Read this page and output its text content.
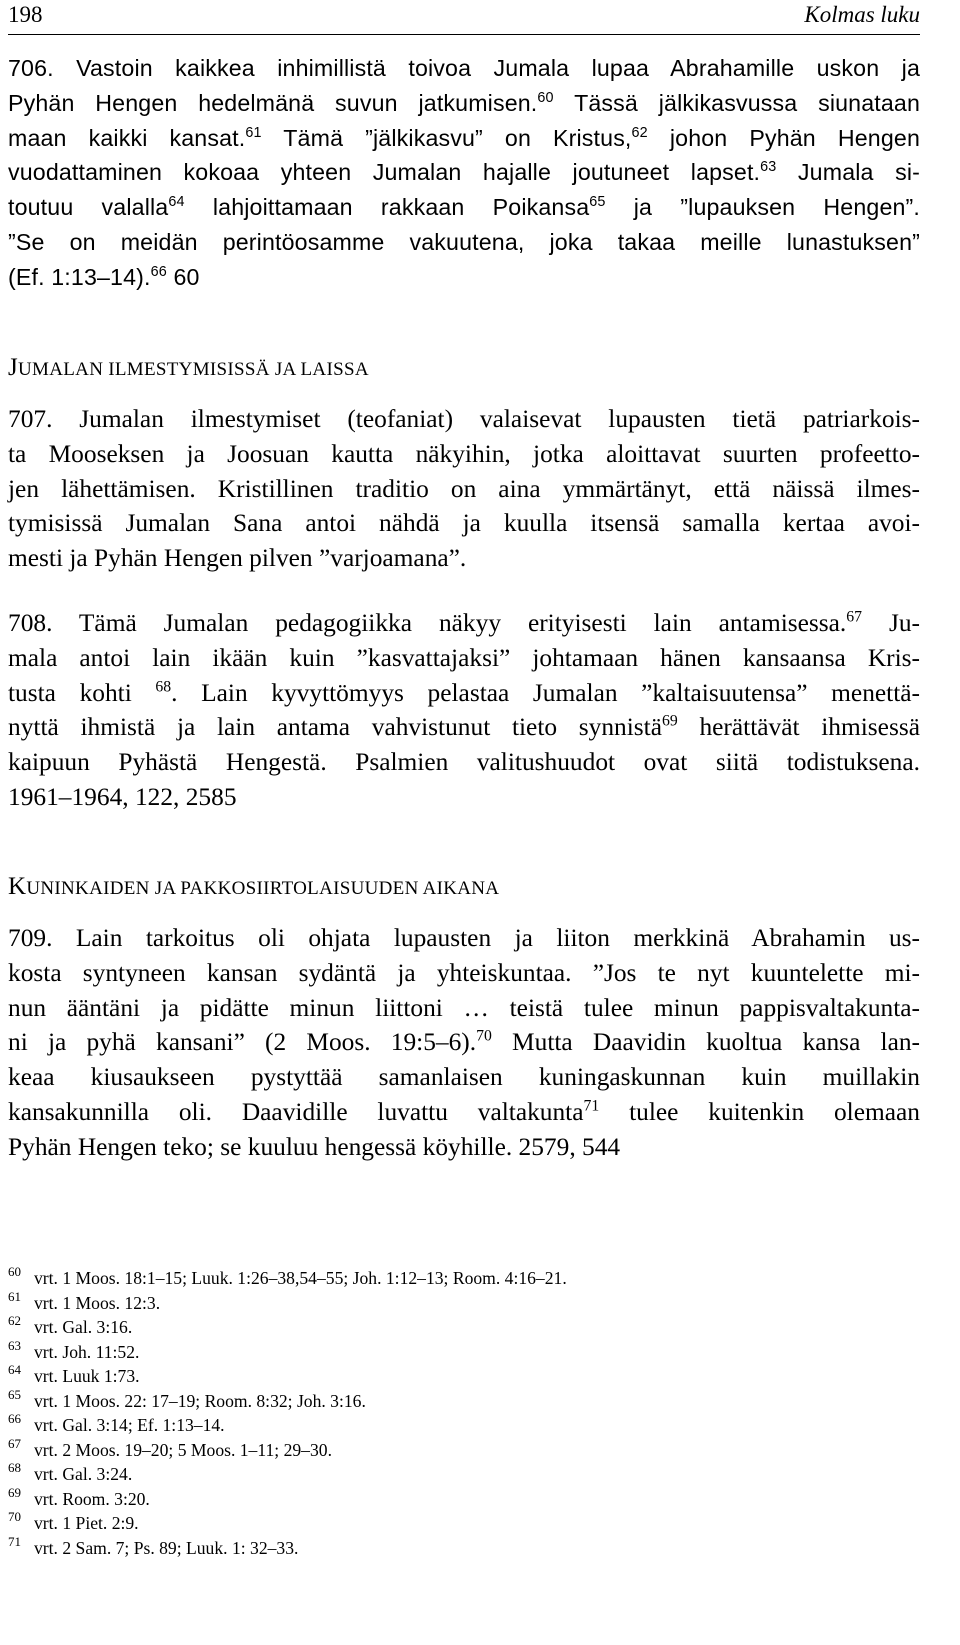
198	Kolmas luku
706. Vastoin kaikkea inhimillistä toivoa Jumala lupaa Abrahamille uskon ja
Pyhän Hengen hedelmänä suvun jatkumisen.$^{60}$ Tässä jälkikasvussa siunataan
maan kaikki kansat.$^{61}$ Tämä ”jälkikasvu” on Kristus,$^{62}$ johon Pyhän Hengen
vuodattaminen kokoaa yhteen Jumalan hajalle joutuneet lapset.$^{63}$ Jumala si-
toutuu valalla$^{64}$ lahjoittamaan rakkaan Poikansa$^{65}$ ja ”lupauksen Hengen”.
”Se on meidän perintöosamme vakuutena, joka takaa meille lunastuksen”
(Ef. 1:13–14).$^{66}$ 60
JUMALAN ILMESTYMISISSÄ JA LAISSA
707. Jumalan ilmestymiset (teofaniat) valaisevat lupausten tietä patriarkois-
ta Mooseksen ja Joosuan kautta näkyihin, jotka aloittavat suurten profeetto-
jen lähettämisen. Kristillinen traditio on aina ymmärtänyt, että näissä ilmes-
tymisissä Jumalan Sana antoi nähdä ja kuulla itsensä samalla kertaa avoi-
mesti ja Pyhän Hengen pilven ”varjoamana”.
708. Tämä Jumalan pedagogiikka näkyy erityisesti lain antamisessa.$^{67}$ Ju-
mala antoi lain ikään kuin ”kasvattajaksi” johtamaan hänen kansaansa Kris-
tusta kohti $^{68}$. Lain kyvyttömyys pelastaa Jumalan ”kaltaisuutensa” menettä-
nyttä ihmistä ja lain antama vahvistunut tieto synnistä$^{69}$ herättävät ihmisessä
kaipuun Pyhästä Hengestä. Psalmien valitushuudot ovat siitä todistuksena.
1961–1964, 122, 2585
KUNINKAIDEN JA PAKKOSIIRTOLAISUUDEN AIKANA
709. Lain tarkoitus oli ohjata lupausten ja liiton merkkinä Abrahamin us-
kosta syntyneen kansan sydäntä ja yhteiskuntaa. ”Jos te nyt kuuntelette mi-
nun ääntäni ja pidätte minun liittoni … teistä tulee minun pappisvaltakunta-
ni ja pyhä kansani” (2 Moos. 19:5–6).$^{70}$ Mutta Daavidin kuoltua kansa lan-
keaa kiusaukseen pystyttää samanlaisen kuningaskunnan kuin muillakin
kansakunnilla oli. Daavidille luvattu valtakunta$^{71}$ tulee kuitenkin olemaan
Pyhän Hengen teko; se kuuluu hengessä köyhille. 2579, 544
60 vrt. 1 Moos. 18:1–15; Luuk. 1:26–38,54–55; Joh. 1:12–13; Room. 4:16–21.
61 vrt. 1 Moos. 12:3.
62 vrt. Gal. 3:16.
63 vrt. Joh. 11:52.
64 vrt. Luuk 1:73.
65 vrt. 1 Moos. 22: 17–19; Room. 8:32; Joh. 3:16.
66 vrt. Gal. 3:14; Ef. 1:13–14.
67 vrt. 2 Moos. 19–20; 5 Moos. 1–11; 29–30.
68 vrt. Gal. 3:24.
69 vrt. Room. 3:20.
70 vrt. 1 Piet. 2:9.
71 vrt. 2 Sam. 7; Ps. 89; Luuk. 1: 32–33.
